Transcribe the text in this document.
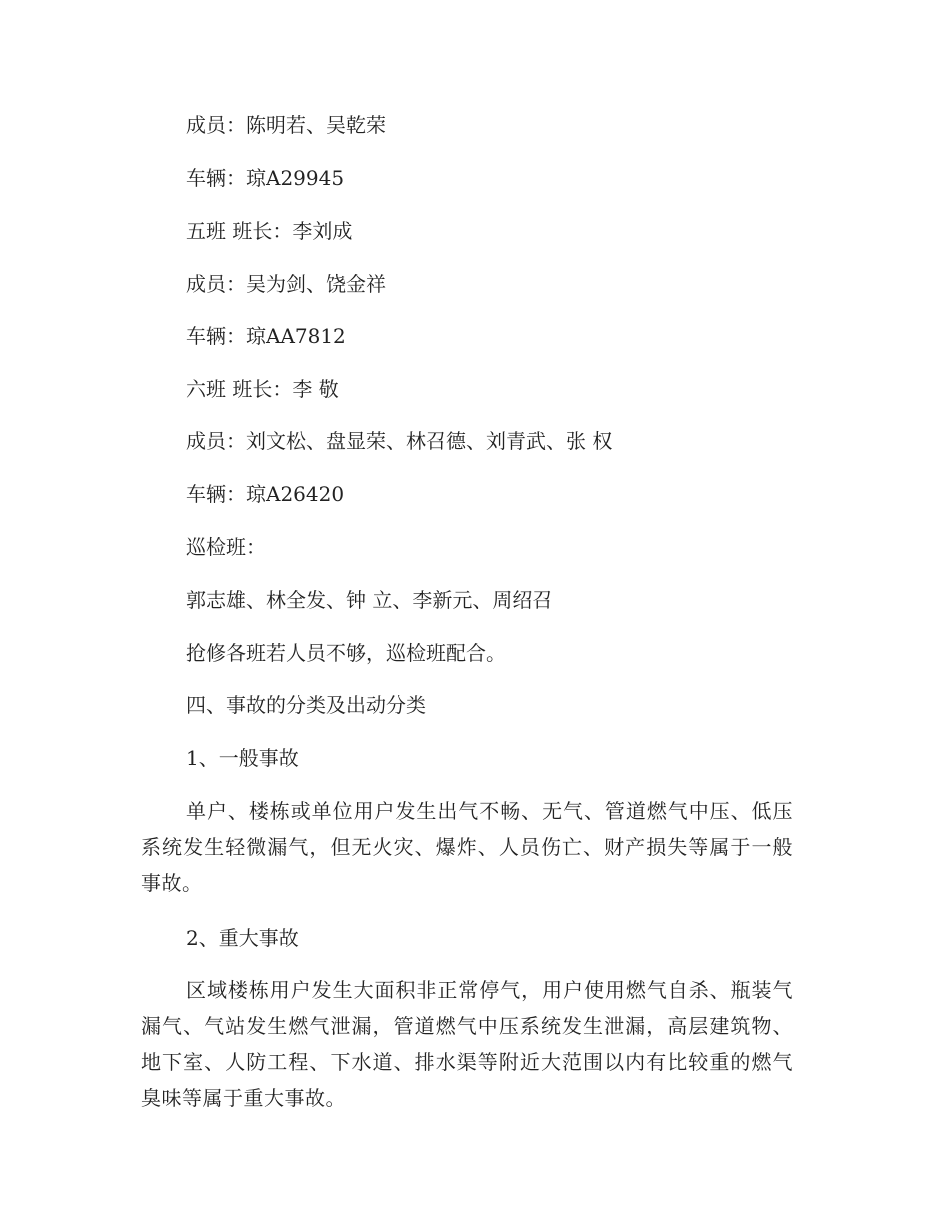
成员：陈明若、吴乾荣
车辆：琼A29945
五班 班长：李刘成
成员：吴为剑、饶金祥
车辆：琼AA7812
六班 班长：李 敬
成员：刘文松、盘显荣、林召德、刘青武、张 权
车辆：琼A26420
巡检班：
郭志雄、林全发、钟 立、李新元、周绍召
抢修各班若人员不够，巡检班配合。
四、事故的分类及出动分类
1、一般事故
单户、楼栋或单位用户发生出气不畅、无气、管道燃气中压、低压系统发生轻微漏气，但无火灾、爆炸、人员伤亡、财产损失等属于一般事故。
2、重大事故
区域楼栋用户发生大面积非正常停气，用户使用燃气自杀、瓶装气漏气、气站发生燃气泄漏，管道燃气中压系统发生泄漏，高层建筑物、地下室、人防工程、下水道、排水渠等附近大范围以内有比较重的燃气臭味等属于重大事故。
